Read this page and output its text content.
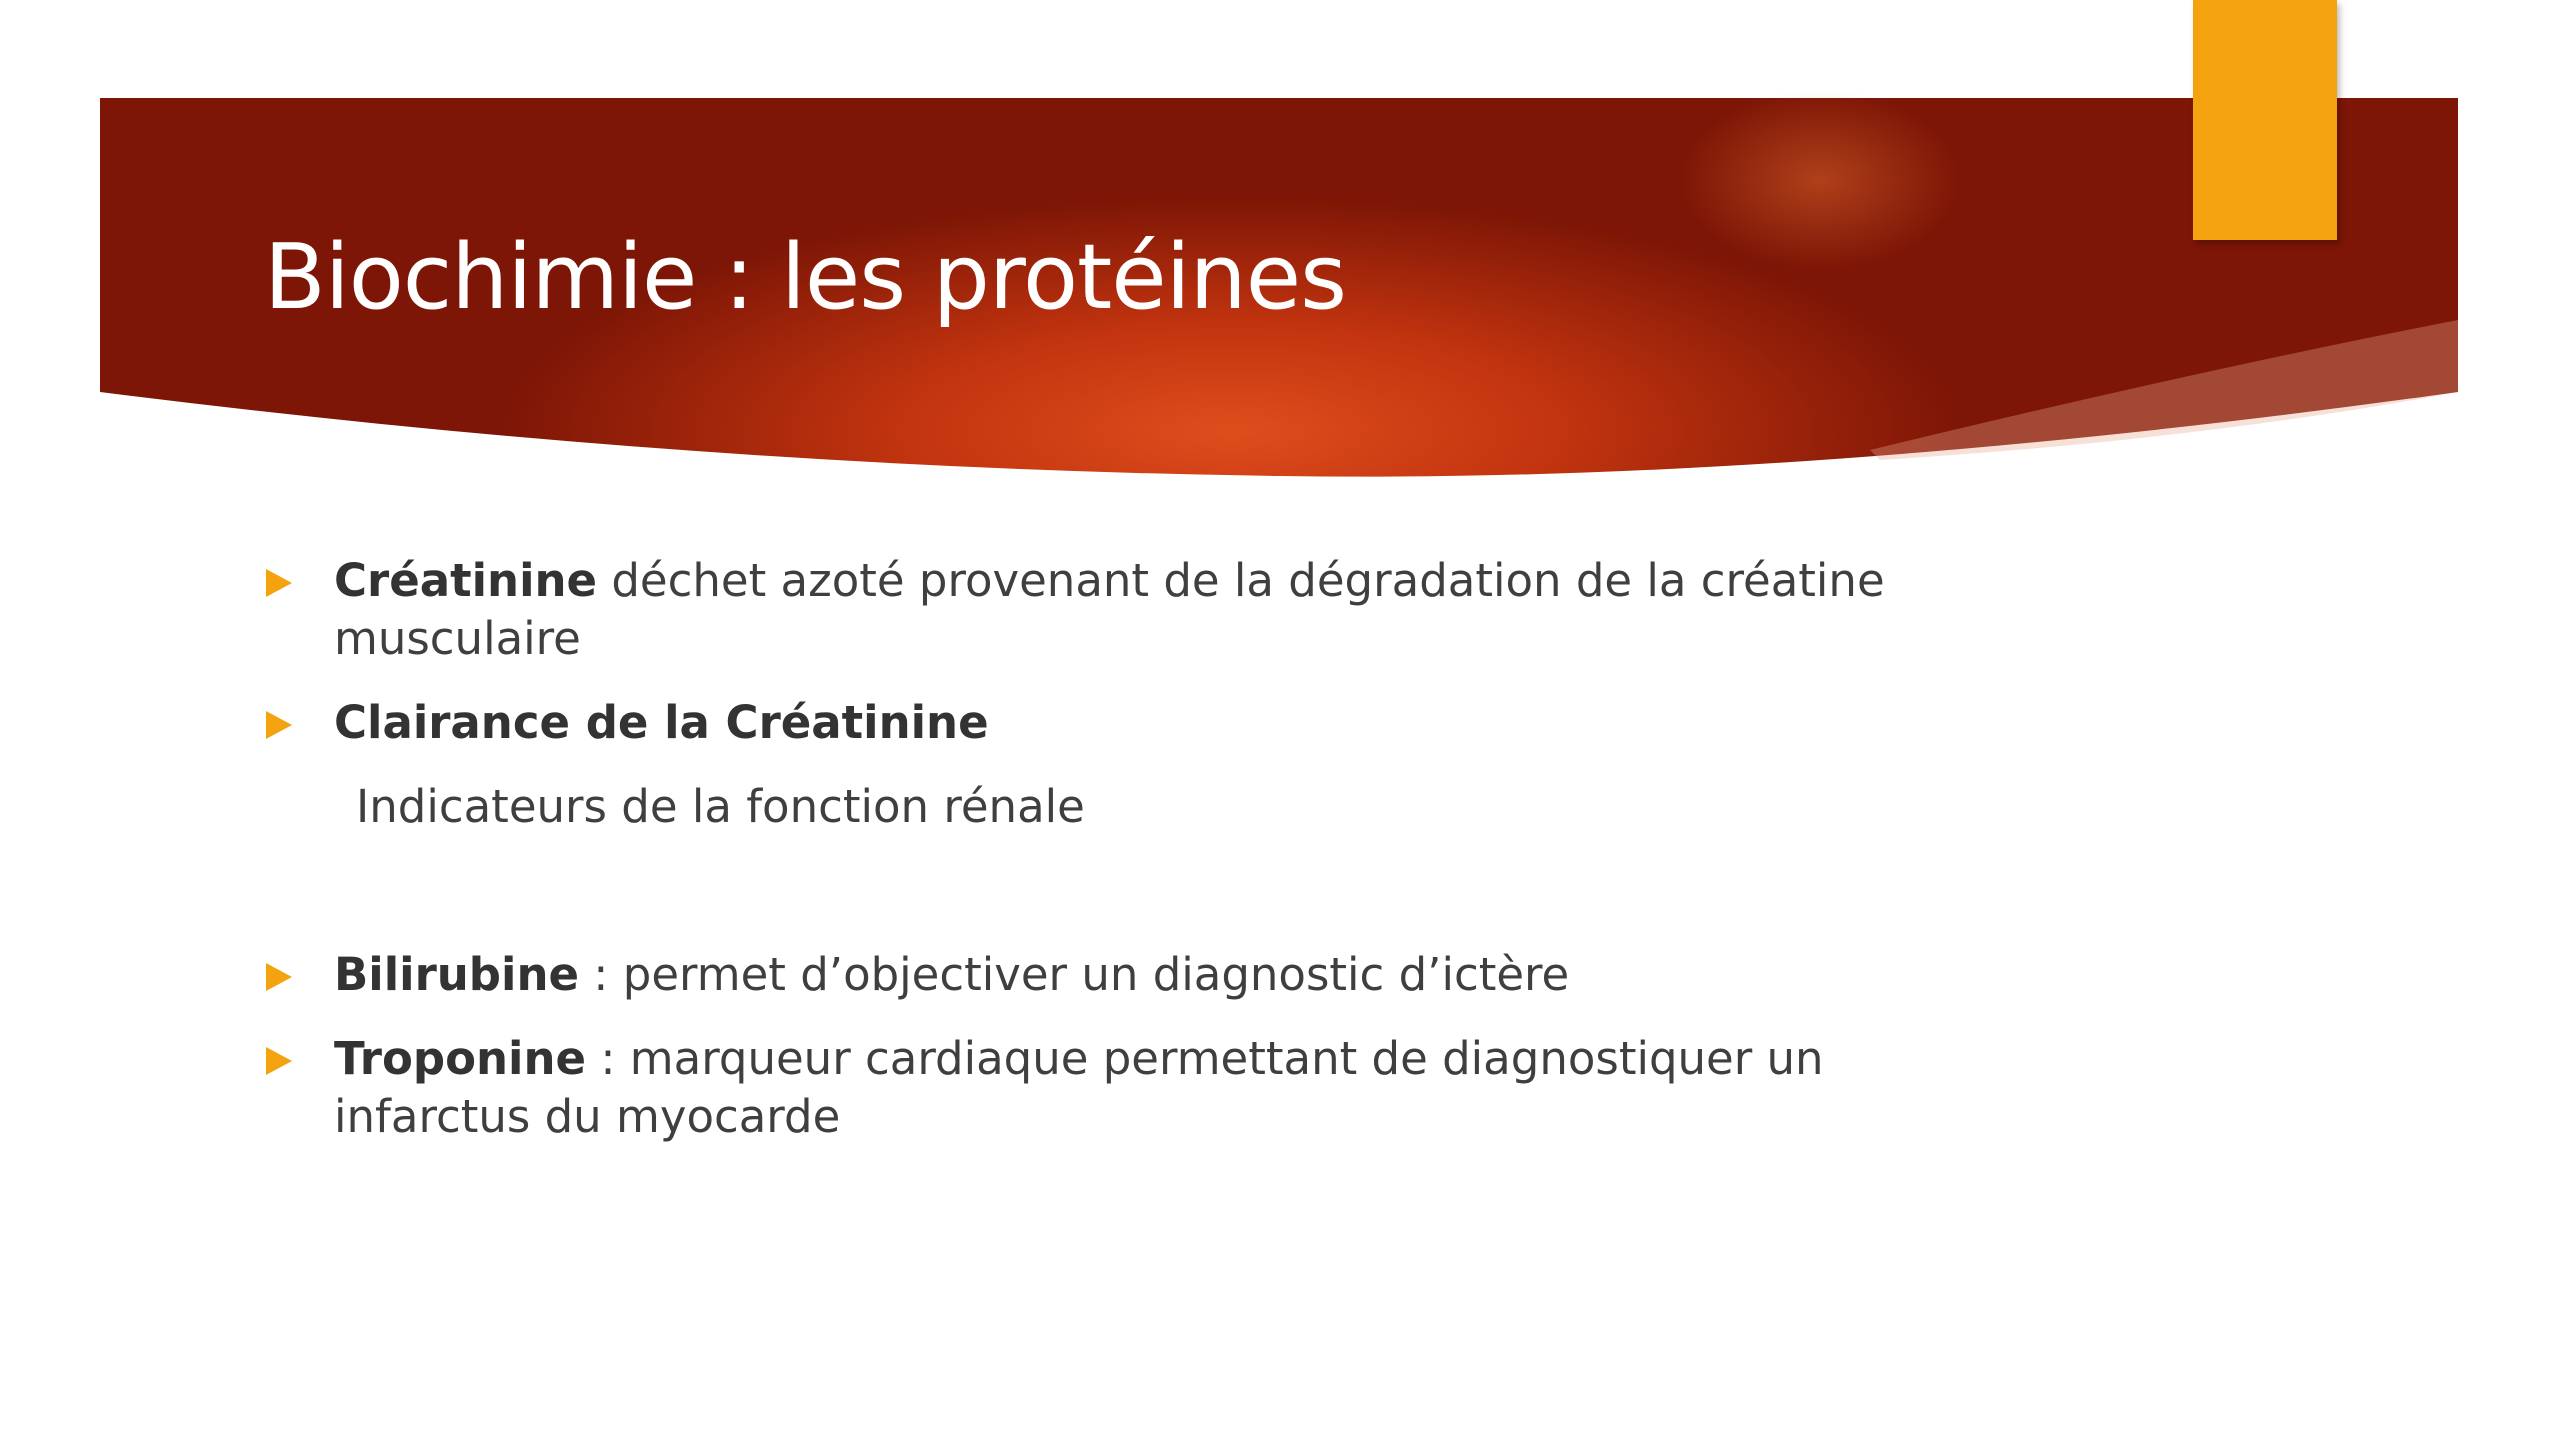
Biochimie : les protéines
Créatinine déchet azoté provenant de la dégradation de la créatine musculaire
Clairance de la Créatinine
Indicateurs de la fonction rénale
Bilirubine : permet d’objectiver un diagnostic d’ictère
Troponine : marqueur cardiaque permettant de diagnostiquer un infarctus du myocarde
